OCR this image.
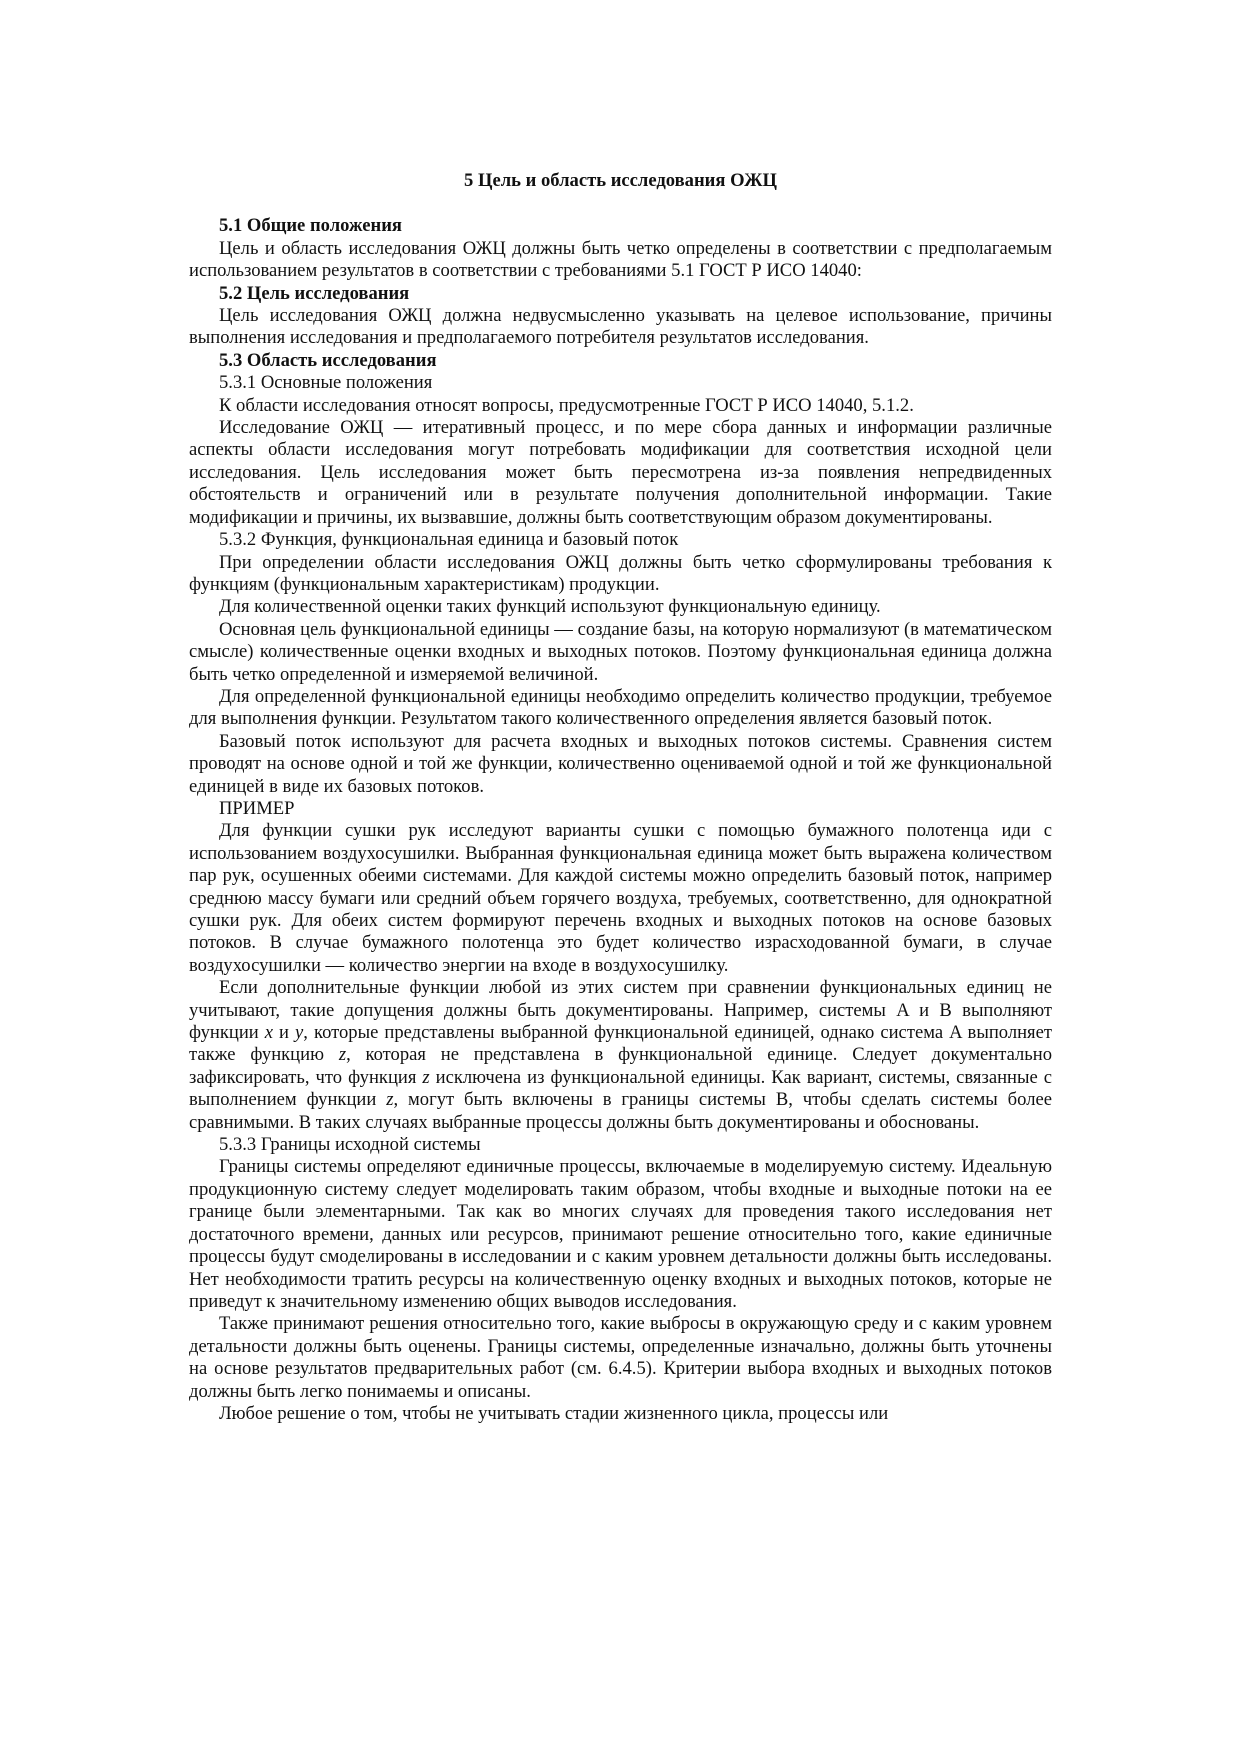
5 Цель и область исследования ОЖЦ

5.1 Общие положения

Цель и область исследования ОЖЦ должны быть четко определены в соответствии с предполагаемым использованием результатов в соответствии с требованиями 5.1 ГОСТ Р ИСО 14040:

5.2 Цель исследования

Цель исследования ОЖЦ должна недвусмысленно указывать на целевое использование, причины выполнения исследования и предполагаемого потребителя результатов исследования.

5.3 Область исследования

5.3.1 Основные положения

К области исследования относят вопросы, предусмотренные ГОСТ Р ИСО 14040, 5.1.2.

Исследование ОЖЦ — итеративный процесс, и по мере сбора данных и информации различные аспекты области исследования могут потребовать модификации для соответствия исходной цели исследования. Цель исследования может быть пересмотрена из-за появления непредвиденных обстоятельств и ограничений или в результате получения дополнительной информации. Такие модификации и причины, их вызвавшие, должны быть соответствующим образом документированы.

5.3.2 Функция, функциональная единица и базовый поток

При определении области исследования ОЖЦ должны быть четко сформулированы требования к функциям (функциональным характеристикам) продукции.

Для количественной оценки таких функций используют функциональную единицу.

Основная цель функциональной единицы — создание базы, на которую нормализуют (в математическом смысле) количественные оценки входных и выходных потоков. Поэтому функциональная единица должна быть четко определенной и измеряемой величиной.

Для определенной функциональной единицы необходимо определить количество продукции, требуемое для выполнения функции. Результатом такого количественного определения является базовый поток.

Базовый поток используют для расчета входных и выходных потоков системы. Сравнения систем проводят на основе одной и той же функции, количественно оцениваемой одной и той же функциональной единицей в виде их базовых потоков.

ПРИМЕР

Для функции сушки рук исследуют варианты сушки с помощью бумажного полотенца иди с использованием воздухосушилки. Выбранная функциональная единица может быть выражена количеством пар рук, осушенных обеими системами. Для каждой системы можно определить базовый поток, например среднюю массу бумаги или средний объем горячего воздуха, требуемых, соответственно, для однократной сушки рук. Для обеих систем формируют перечень входных и выходных потоков на основе базовых потоков. В случае бумажного полотенца это будет количество израсходованной бумаги, в случае воздухосушилки — количество энергии на входе в воздухосушилку.

Если дополнительные функции любой из этих систем при сравнении функциональных единиц не учитывают, такие допущения должны быть документированы. Например, системы A и B выполняют функции x и y, которые представлены выбранной функциональной единицей, однако система A выполняет также функцию z, которая не представлена в функциональной единице. Следует документально зафиксировать, что функция z исключена из функциональной единицы. Как вариант, системы, связанные с выполнением функции z, могут быть включены в границы системы B, чтобы сделать системы более сравнимыми. В таких случаях выбранные процессы должны быть документированы и обоснованы.

5.3.3 Границы исходной системы

Границы системы определяют единичные процессы, включаемые в моделируемую систему. Идеальную продукционную систему следует моделировать таким образом, чтобы входные и выходные потоки на ее границе были элементарными. Так как во многих случаях для проведения такого исследования нет достаточного времени, данных или ресурсов, принимают решение относительно того, какие единичные процессы будут смоделированы в исследовании и с каким уровнем детальности должны быть исследованы. Нет необходимости тратить ресурсы на количественную оценку входных и выходных потоков, которые не приведут к значительному изменению общих выводов исследования.

Также принимают решения относительно того, какие выбросы в окружающую среду и с каким уровнем детальности должны быть оценены. Границы системы, определенные изначально, должны быть уточнены на основе результатов предварительных работ (см. 6.4.5). Критерии выбора входных и выходных потоков должны быть легко понимаемы и описаны.

Любое решение о том, чтобы не учитывать стадии жизненного цикла, процессы или
